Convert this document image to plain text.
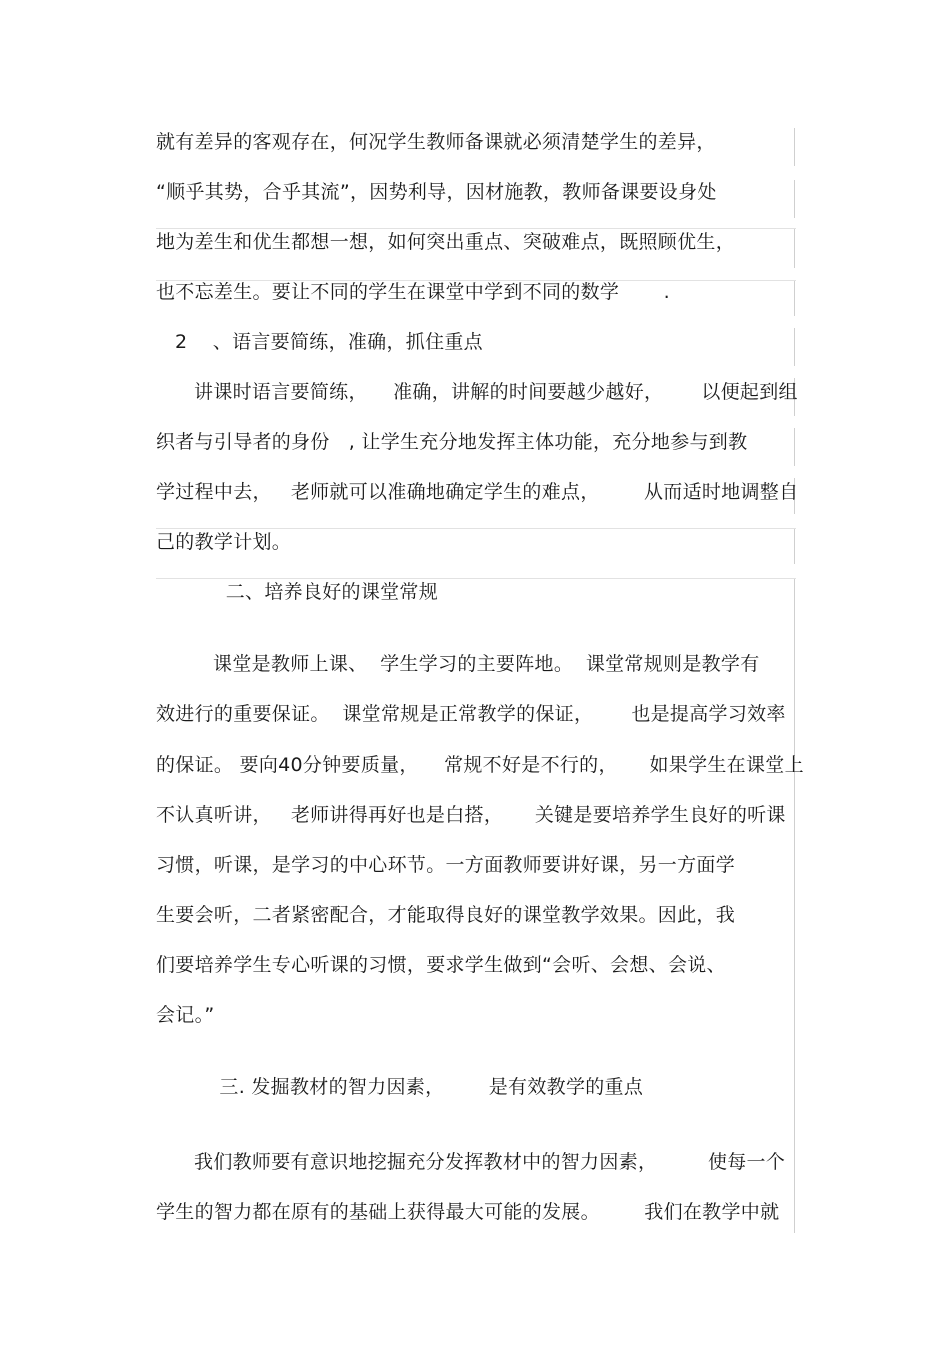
就有差异的客观存在，何况学生教师备课就必须清楚学生的差异，
“顺乎其势，合乎其流”，因势利导，因材施教，教师备课要设身处
地为差生和优生都想一想，如何突出重点、突破难点，既照顾优生，
也不忘差生。要让不同的学生在课堂中学到不同的数学       .
2    、语言要简练，准确，抓住重点
讲课时语言要简练，    准确，讲解的时间要越少越好，      以便起到组
织者与引导者的身份   , 让学生充分地发挥主体功能，充分地参与到教
学过程中去，   老师就可以准确地确定学生的难点，       从而适时地调整自
己的教学计划。
二、培养良好的课堂常规
课堂是教师上课、  学生学习的主要阵地。  课堂常规则是教学有
效进行的重要保证。  课堂常规是正常教学的保证，      也是提高学习效率
的保证。 要向40分钟要质量，    常规不好是不行的，     如果学生在课堂上
不认真听讲，   老师讲得再好也是白搭，     关键是要培养学生良好的听课
习惯，听课，是学习的中心环节。一方面教师要讲好课，另一方面学
生要会听，二者紧密配合，才能取得良好的课堂教学效果。因此，我
们要培养学生专心听课的习惯，要求学生做到“会听、会想、会说、
会记。”
三. 发掘教材的智力因素，       是有效教学的重点
我们教师要有意识地挖掘充分发挥教材中的智力因素，        使每一个
学生的智力都在原有的基础上获得最大可能的发展。       我们在教学中就
